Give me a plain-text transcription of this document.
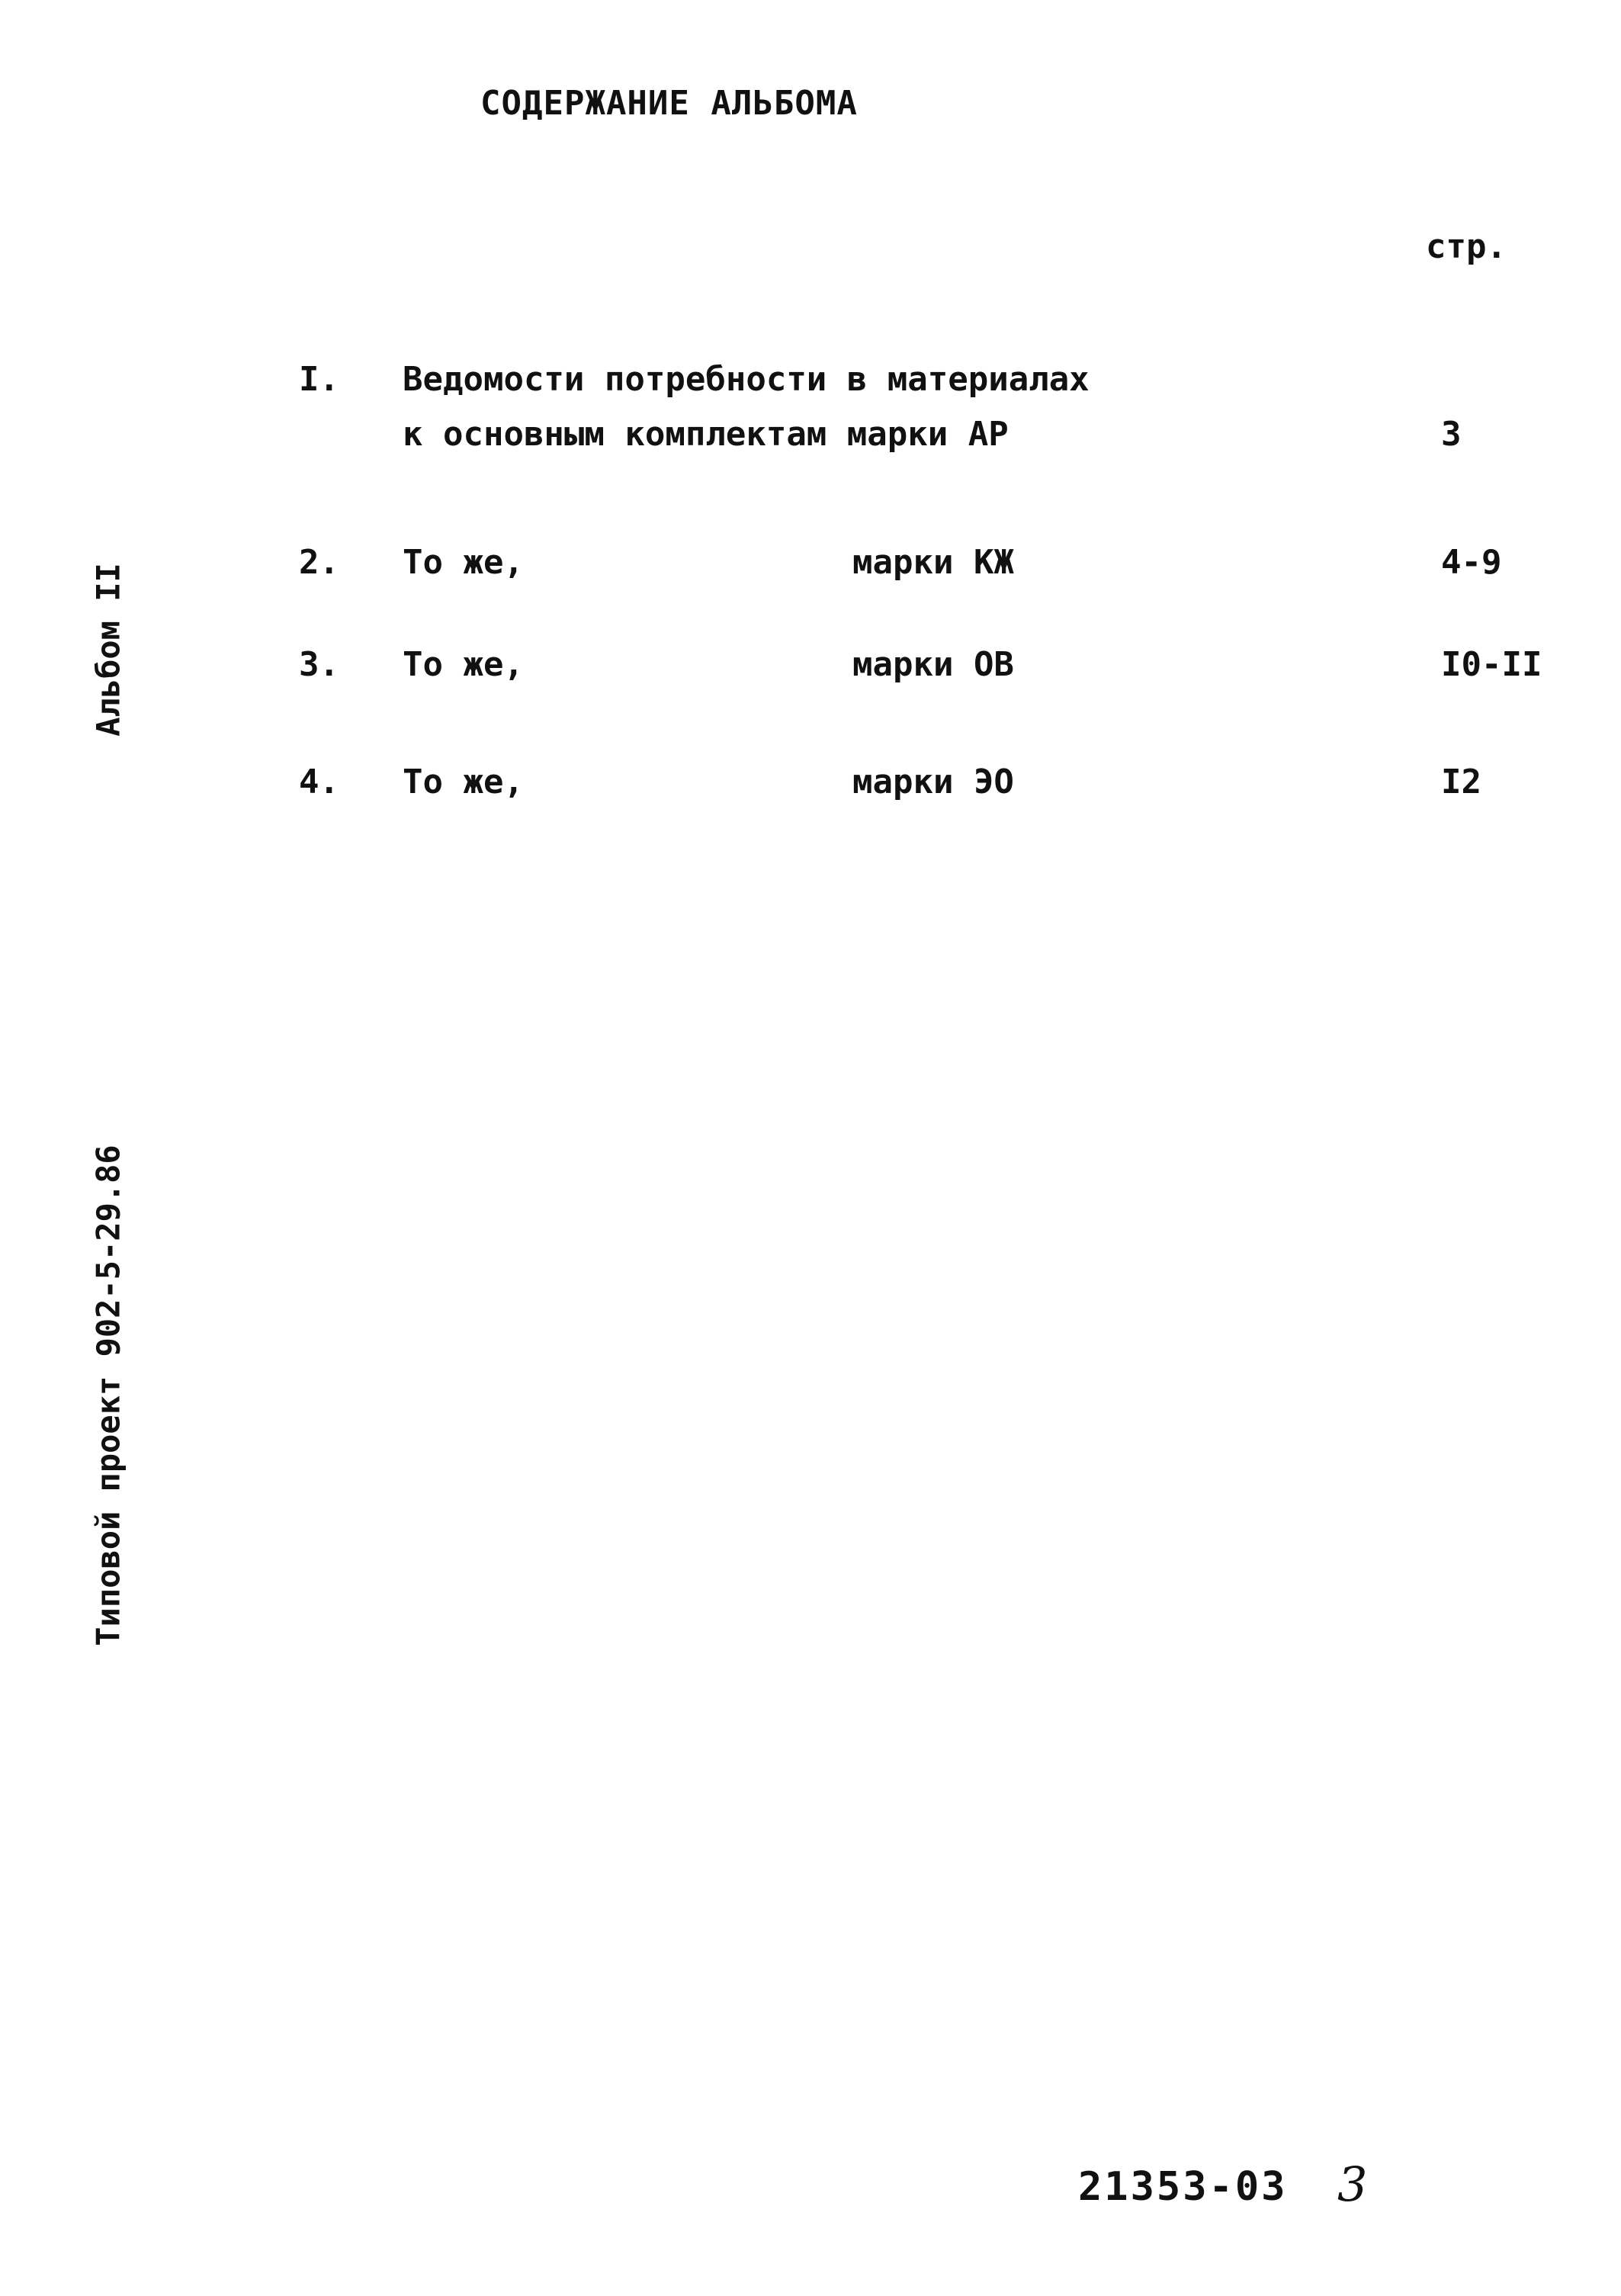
СОДЕРЖАНИЕ АЛЬБОМА
стр.
I. Ведомости потребности в материалах
к основным комплектам марки АР	3
2. То же,	марки КЖ	4-9
3. То же,	марки ОВ	I0-II
4. То же,	марки ЭО	I2
Альбом II
Типовой проект 902-5-29.86
21353-03 3
